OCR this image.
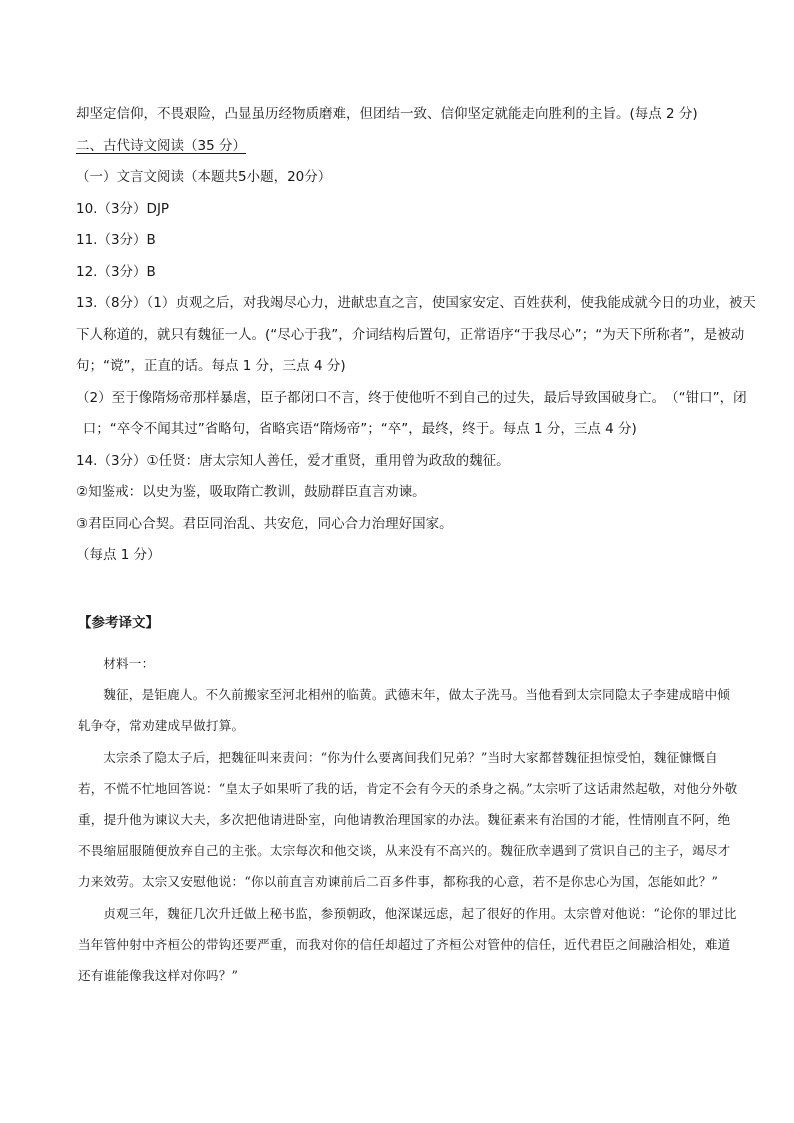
却坚定信仰，不畏艰险，凸显虽历经物质磨难，但团结一致、信仰坚定就能走向胜利的主旨。(每点 2 分)

二、古代诗文阅读（35 分）

（一）文言文阅读（本题共5小题，20分）

10.（3分）DJP

11.（3分）B

12.（3分）B

13.（8分）（1）贞观之后，对我竭尽心力，进献忠直之言，使国家安定、百姓获利，使我能成就今日的功业，被天下人称道的，就只有魏征一人。(“尽心于我”，介词结构后置句，正常语序“于我尽心”；“为天下所称者”，是被动句；“谠”，正直的话。每点 1 分，三点 4 分)

（2）至于像隋炀帝那样暴虐，臣子都闭口不言，终于使他听不到自己的过失，最后导致国破身亡。　（“钳口”，闭口；“卒令不闻其过”省略句，省略宾语“隋炀帝”；“卒”，最终，终于。每点 1 分，三点 4 分)

14.（3分）①任贤：唐太宗知人善任，爱才重贤，重用曾为政敌的魏征。

②知鉴戒：以史为鉴，吸取隋亡教训，鼓励群臣直言劝谏。

③君臣同心合契。君臣同治乱、共安危，同心合力治理好国家。

（每点 1 分）

【参考译文】

材料一：

魏征，是钜鹿人。不久前搬家至河北相州的临黄。武德末年，做太子洗马。当他看到太宗同隐太子李建成暗中倾轧争夺，常劝建成早做打算。

太宗杀了隐太子后，把魏征叫来责问：“你为什么要离间我们兄弟？”当时大家都替魏征担惊受怕，魏征慷慨自若，不慌不忙地回答说：“皇太子如果听了我的话，肯定不会有今天的杀身之祸。”太宗听了这话肃然起敬，对他分外敬重，提升他为谏议大夫，多次把他请进卧室，向他请教治理国家的办法。魏征素来有治国的才能，性情刚直不阿，绝不畏缩屈服随便放弃自己的主张。太宗每次和他交谈，从来没有不高兴的。魏征欣幸遇到了赏识自己的主子，竭尽才力来效劳。太宗又安慰他说：“你以前直言劝谏前后二百多件事，都称我的心意，若不是你忠心为国，怎能如此？”

贞观三年，魏征几次升迁做上秘书监，参预朝政，他深谋远虑，起了很好的作用。太宗曾对他说：“论你的罪过比当年管仲射中齐桓公的带钩还要严重，而我对你的信任却超过了齐桓公对管仲的信任，近代君臣之间融洽相处，难道还有谁能像我这样对你吗？”
